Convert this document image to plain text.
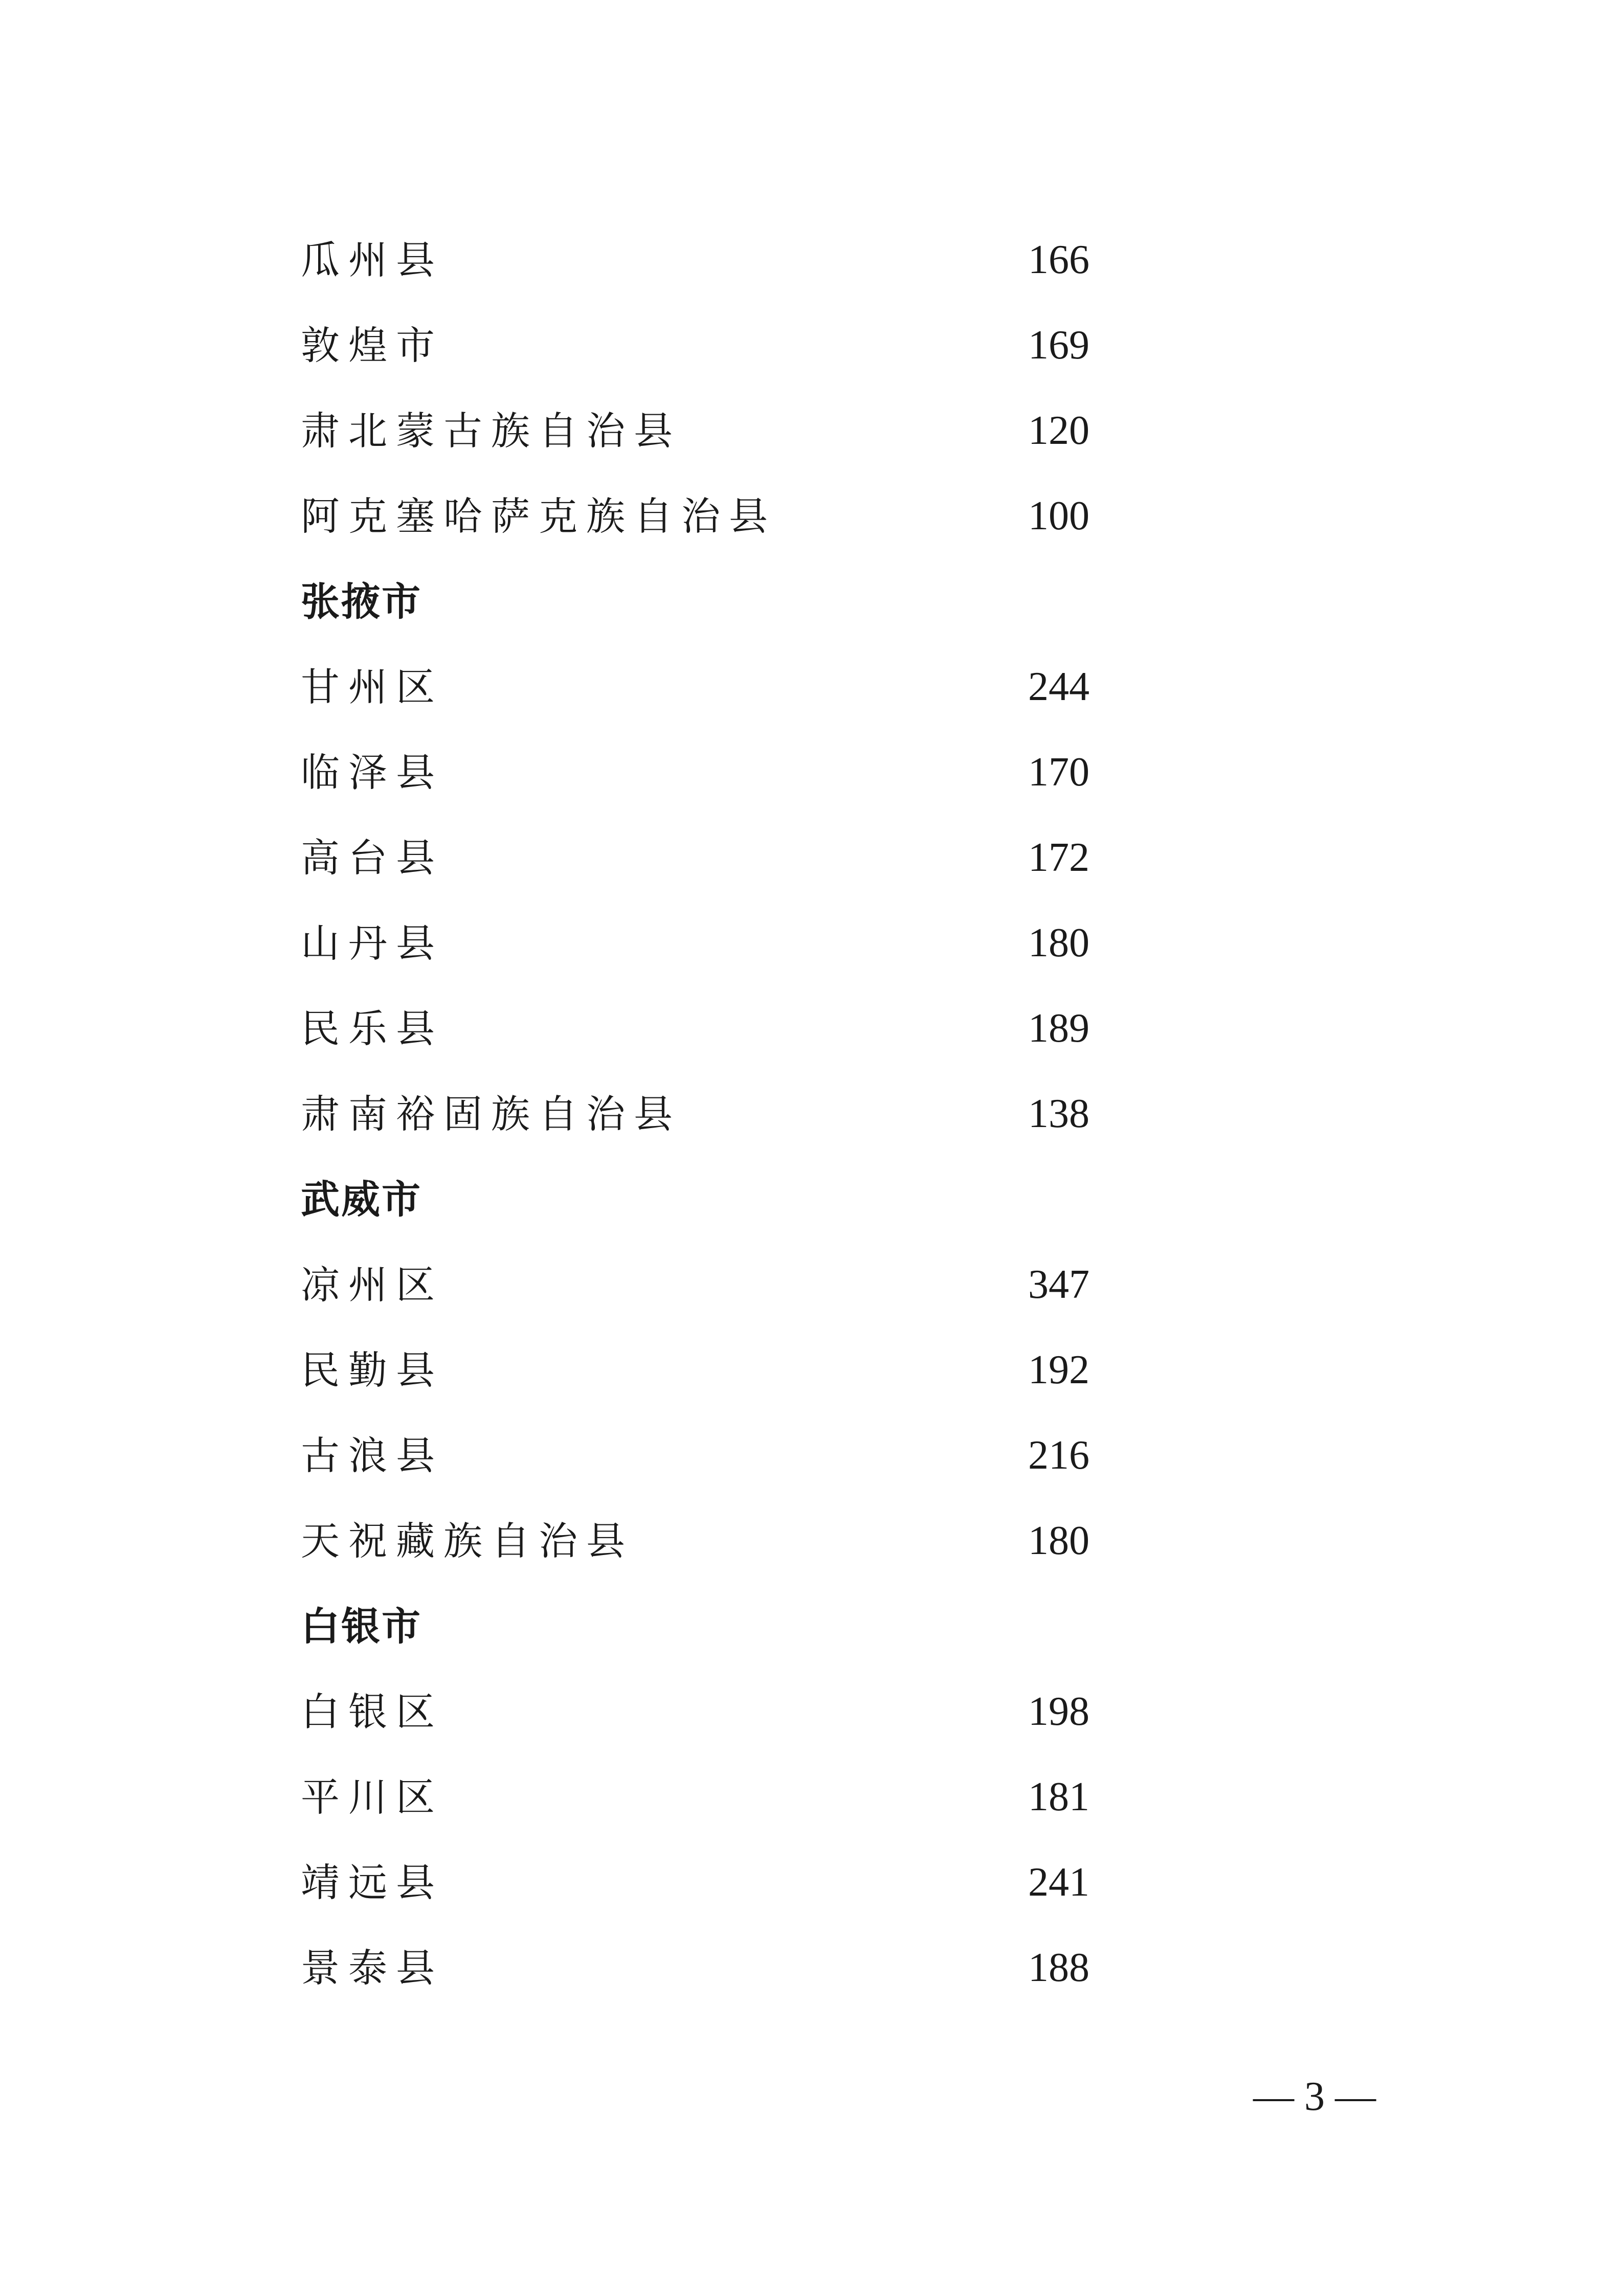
瓜州县	166
敦煌市	169
肃北蒙古族自治县	120
阿克塞哈萨克族自治县	100
张掖市
甘州区	244
临泽县	170
高台县	172
山丹县	180
民乐县	189
肃南裕固族自治县	138
武威市
凉州区	347
民勤县	192
古浪县	216
天祝藏族自治县	180
白银市
白银区	198
平川区	181
靖远县	241
景泰县	188
— 3 —
